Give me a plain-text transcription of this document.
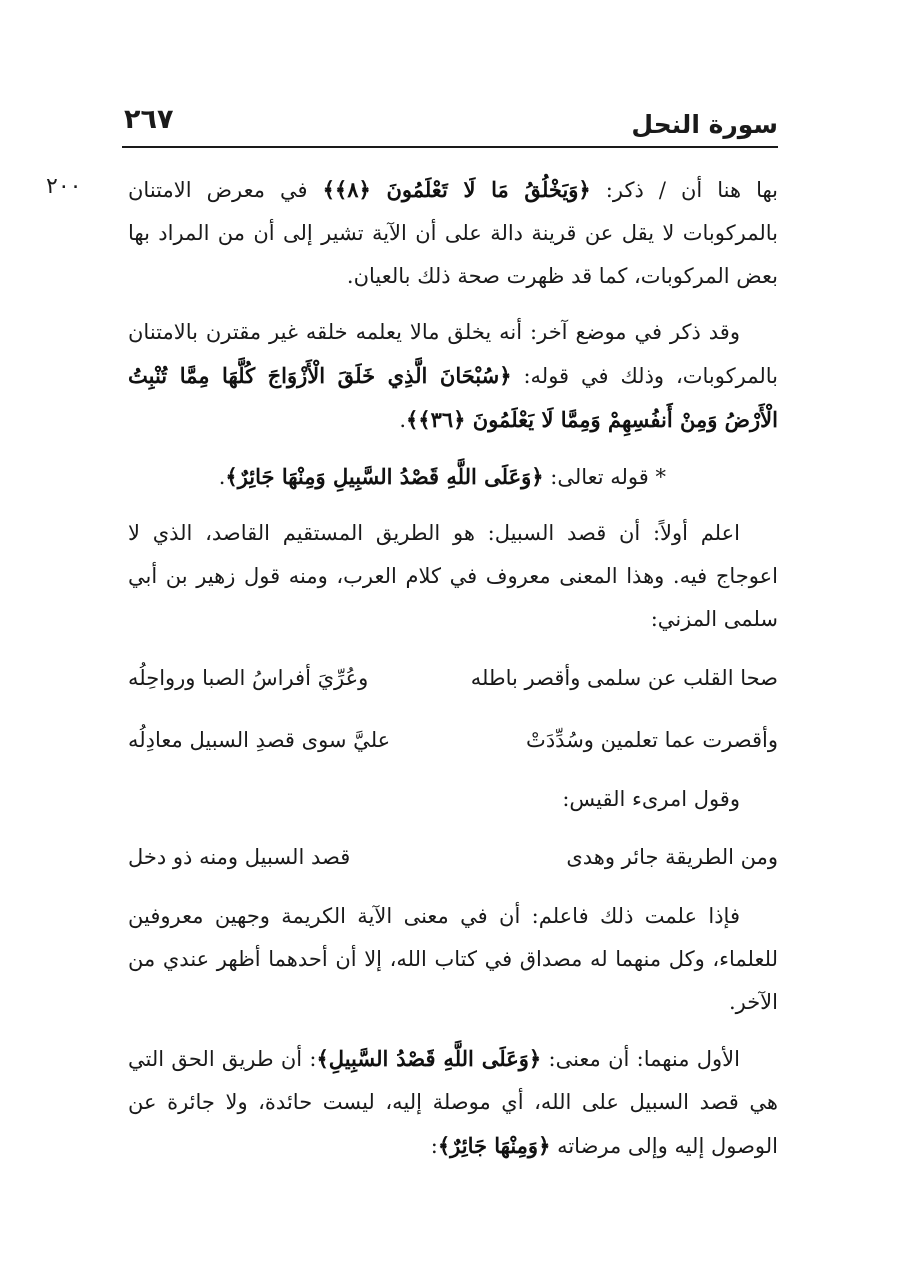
سورة النحل
٢٦٧
٢٠٠	بها هنا أن / ذكر: ﴿وَيَخْلُقُ مَا لَا تَعْلَمُونَ ﴿٨﴾﴾ في معرض الامتنان بالمركوبات لا يقل عن قرينة دالة على أن الآية تشير إلى أن من المراد بها بعض المركوبات، كما قد ظهرت صحة ذلك بالعيان.

وقد ذكر في موضع آخر: أنه يخلق مالا يعلمه خلقه غير مقترن بالامتنان بالمركوبات، وذلك في قوله: ﴿سُبْحَانَ الَّذِي خَلَقَ الْأَزْوَاجَ كُلَّهَا مِمَّا تُنْبِتُ الْأَرْضُ وَمِنْ أَنفُسِهِمْ وَمِمَّا لَا يَعْلَمُونَ ﴿٣٦﴾﴾.

* قوله تعالى: ﴿وَعَلَى اللَّهِ قَصْدُ السَّبِيلِ وَمِنْهَا جَائِرٌ﴾.

اعلم أولاً: أن قصد السبيل: هو الطريق المستقيم القاصد، الذي لا اعوجاج فيه. وهذا المعنى معروف في كلام العرب، ومنه قول زهير بن أبي سلمى المزني:

صحا القلب عن سلمى وأقصر باطله
وعُرِّيَ أفراسُ الصبا ورواحِلُه
وأقصرت عما تعلمين وسُدِّدَتْ
عليَّ سوى قصدِ السبيل معادِلُه

وقول امرىء القيس:

ومن الطريقة جائر وهدى
قصد السبيل ومنه ذو دخل

فإذا علمت ذلك فاعلم: أن في معنى الآية الكريمة وجهين معروفين للعلماء، وكل منهما له مصداق في كتاب الله، إلا أن أحدهما أظهر عندي من الآخر.

الأول منهما: أن معنى: ﴿وَعَلَى اللَّهِ قَصْدُ السَّبِيلِ﴾: أن طريق الحق التي هي قصد السبيل على الله، أي موصلة إليه، ليست حائدة، ولا جائرة عن الوصول إليه وإلى مرضاته ﴿وَمِنْهَا جَائِرٌ﴾:
